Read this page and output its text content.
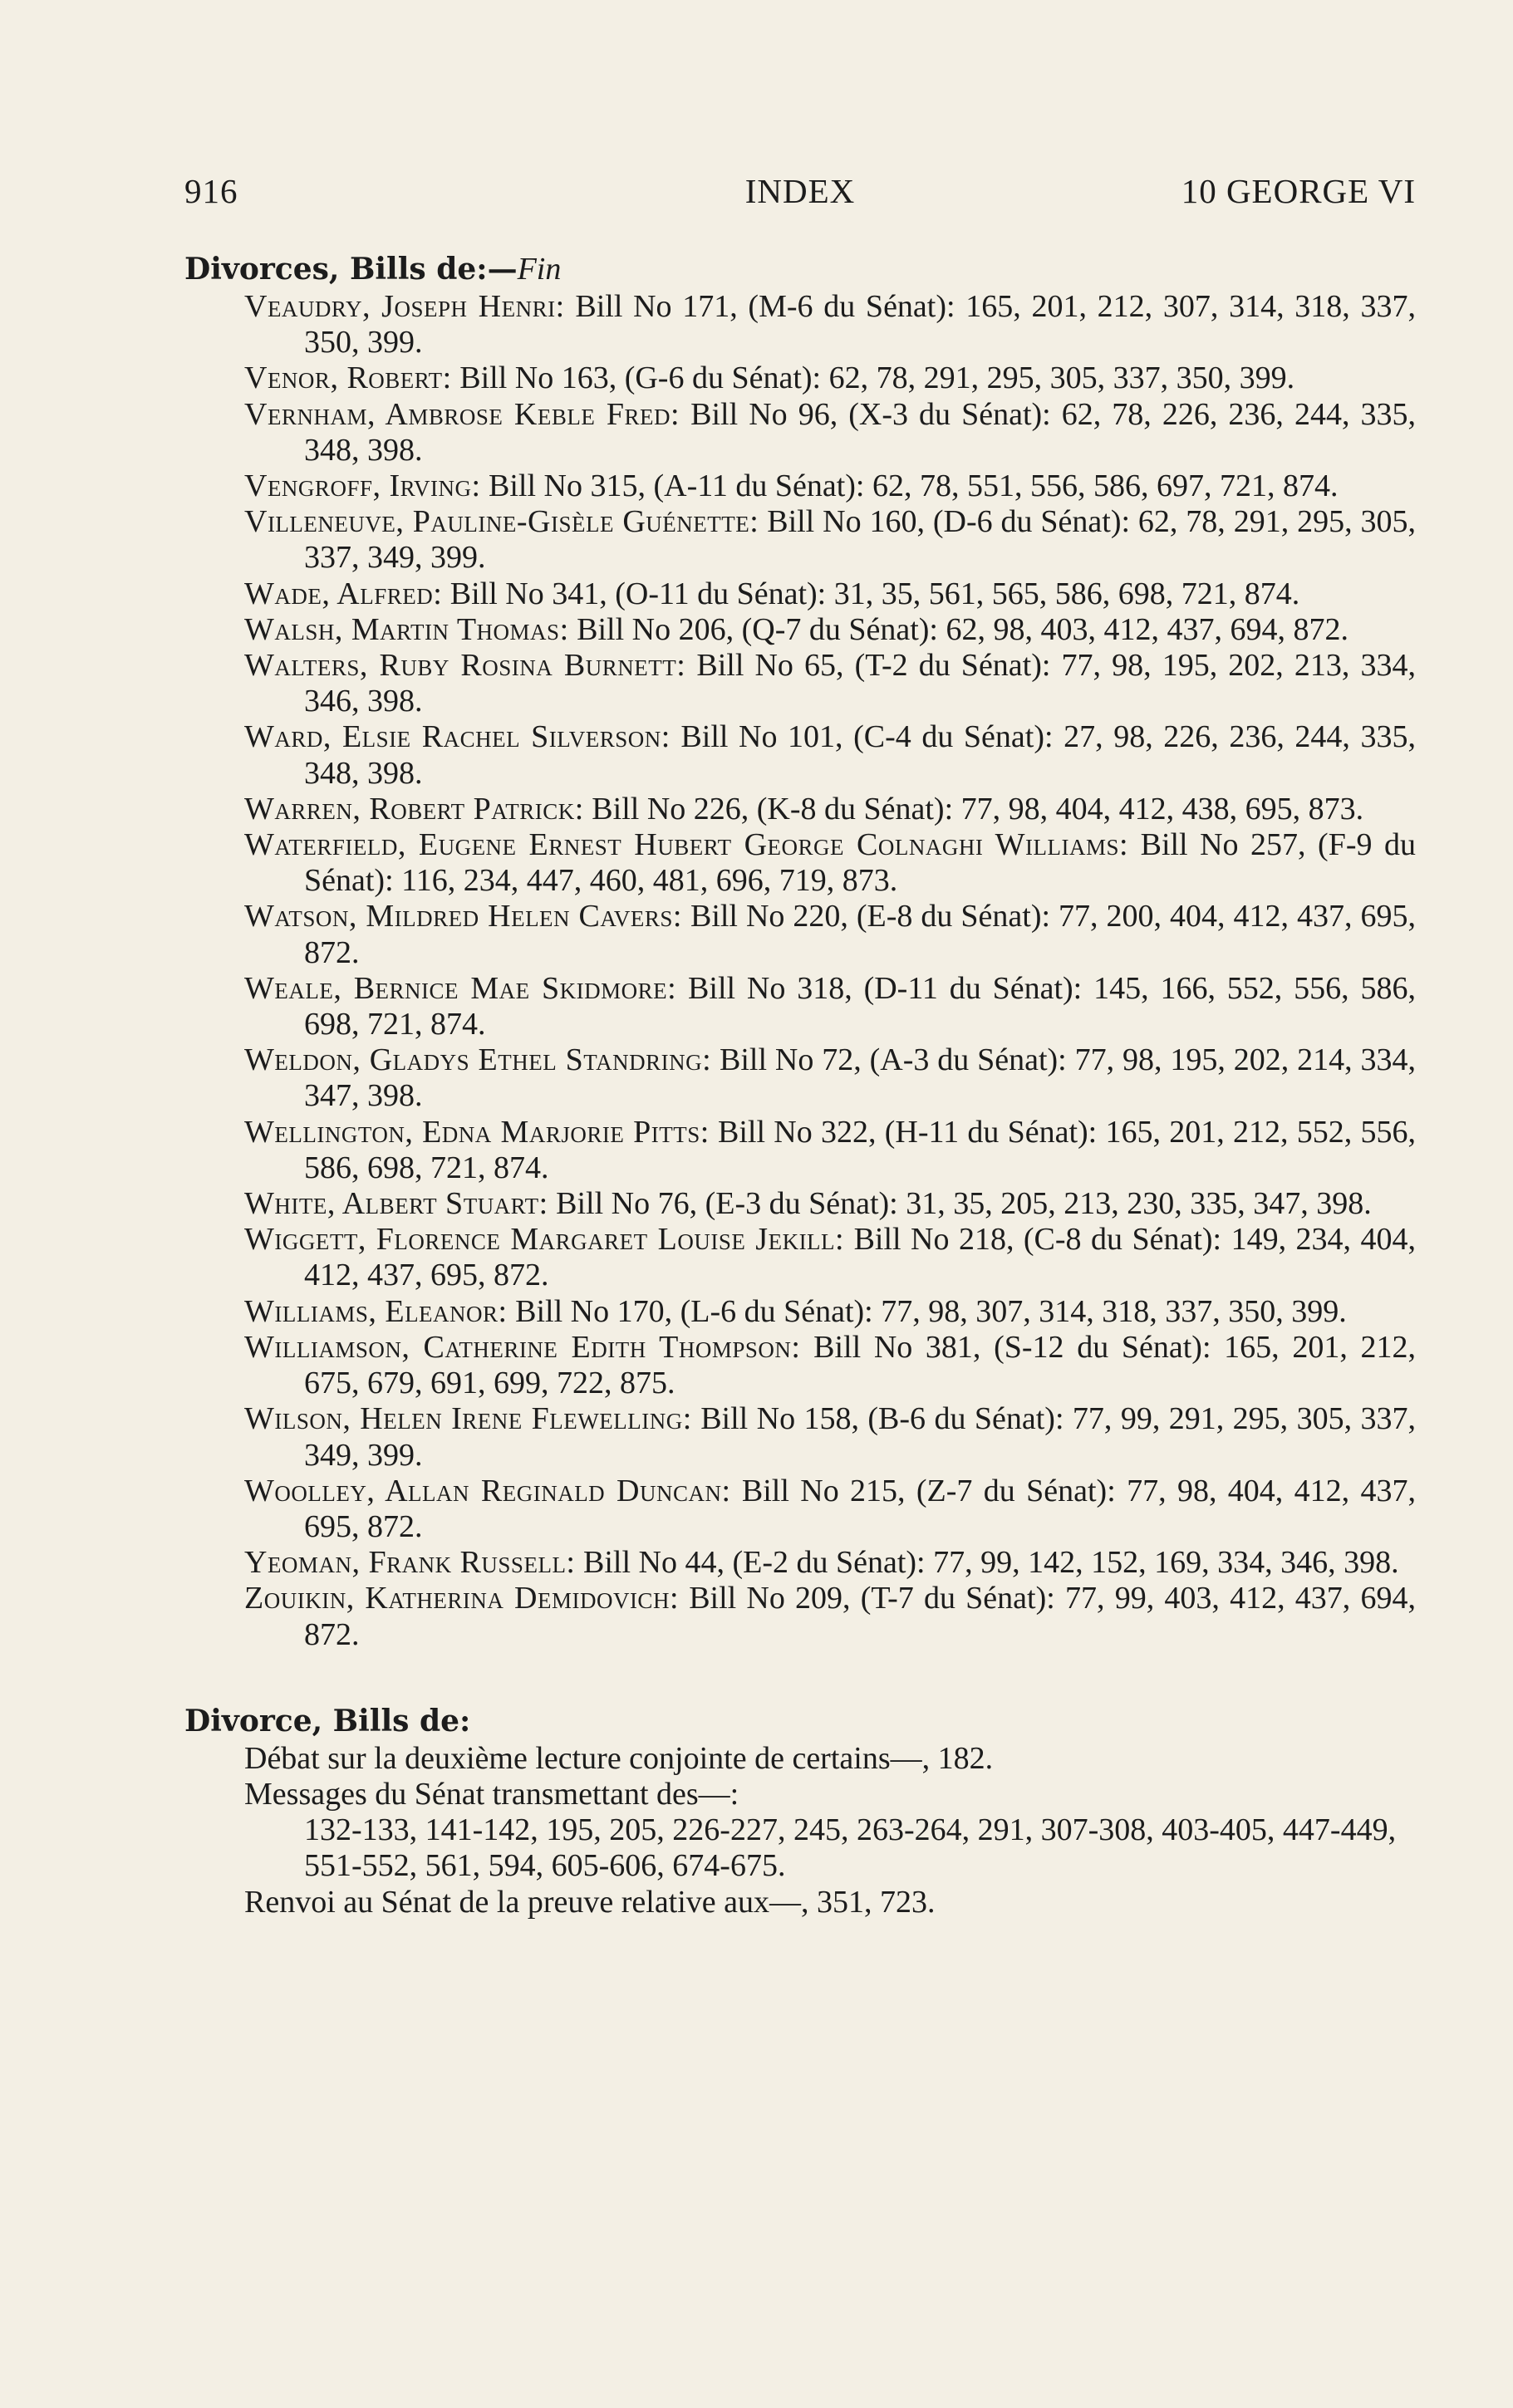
916	INDEX	10 GEORGE VI

Divorces, Bills de:—Fin

Veaudry, Joseph Henri: Bill No 171, (M-6 du Sénat): 165, 201, 212, 307, 314, 318, 337, 350, 399.

Venor, Robert: Bill No 163, (G-6 du Sénat): 62, 78, 291, 295, 305, 337, 350, 399.

Vernham, Ambrose Keble Fred: Bill No 96, (X-3 du Sénat): 62, 78, 226, 236, 244, 335, 348, 398.

Vengroff, Irving: Bill No 315, (A-11 du Sénat): 62, 78, 551, 556, 586, 697, 721, 874.

Villeneuve, Pauline-Gisèle Guénette: Bill No 160, (D-6 du Sénat): 62, 78, 291, 295, 305, 337, 349, 399.

Wade, Alfred: Bill No 341, (O-11 du Sénat): 31, 35, 561, 565, 586, 698, 721, 874.

Walsh, Martin Thomas: Bill No 206, (Q-7 du Sénat): 62, 98, 403, 412, 437, 694, 872.

Walters, Ruby Rosina Burnett: Bill No 65, (T-2 du Sénat): 77, 98, 195, 202, 213, 334, 346, 398.

Ward, Elsie Rachel Silverson: Bill No 101, (C-4 du Sénat): 27, 98, 226, 236, 244, 335, 348, 398.

Warren, Robert Patrick: Bill No 226, (K-8 du Sénat): 77, 98, 404, 412, 438, 695, 873.

Waterfield, Eugene Ernest Hubert George Colnaghi Williams: Bill No 257, (F-9 du Sénat): 116, 234, 447, 460, 481, 696, 719, 873.

Watson, Mildred Helen Cavers: Bill No 220, (E-8 du Sénat): 77, 200, 404, 412, 437, 695, 872.

Weale, Bernice Mae Skidmore: Bill No 318, (D-11 du Sénat): 145, 166, 552, 556, 586, 698, 721, 874.

Weldon, Gladys Ethel Standring: Bill No 72, (A-3 du Sénat): 77, 98, 195, 202, 214, 334, 347, 398.

Wellington, Edna Marjorie Pitts: Bill No 322, (H-11 du Sénat): 165, 201, 212, 552, 556, 586, 698, 721, 874.

White, Albert Stuart: Bill No 76, (E-3 du Sénat): 31, 35, 205, 213, 230, 335, 347, 398.

Wiggett, Florence Margaret Louise Jekill: Bill No 218, (C-8 du Sénat): 149, 234, 404, 412, 437, 695, 872.

Williams, Eleanor: Bill No 170, (L-6 du Sénat): 77, 98, 307, 314, 318, 337, 350, 399.

Williamson, Catherine Edith Thompson: Bill No 381, (S-12 du Sénat): 165, 201, 212, 675, 679, 691, 699, 722, 875.

Wilson, Helen Irene Flewelling: Bill No 158, (B-6 du Sénat): 77, 99, 291, 295, 305, 337, 349, 399.

Woolley, Allan Reginald Duncan: Bill No 215, (Z-7 du Sénat): 77, 98, 404, 412, 437, 695, 872.

Yeoman, Frank Russell: Bill No 44, (E-2 du Sénat): 77, 99, 142, 152, 169, 334, 346, 398.

Zouikin, Katherina Demidovich: Bill No 209, (T-7 du Sénat): 77, 99, 403, 412, 437, 694, 872.

Divorce, Bills de:

Débat sur la deuxième lecture conjointe de certains—, 182.

Messages du Sénat transmettant des—:

132-133, 141-142, 195, 205, 226-227, 245, 263-264, 291, 307-308, 403-405, 447-449, 551-552, 561, 594, 605-606, 674-675.

Renvoi au Sénat de la preuve relative aux—, 351, 723.
